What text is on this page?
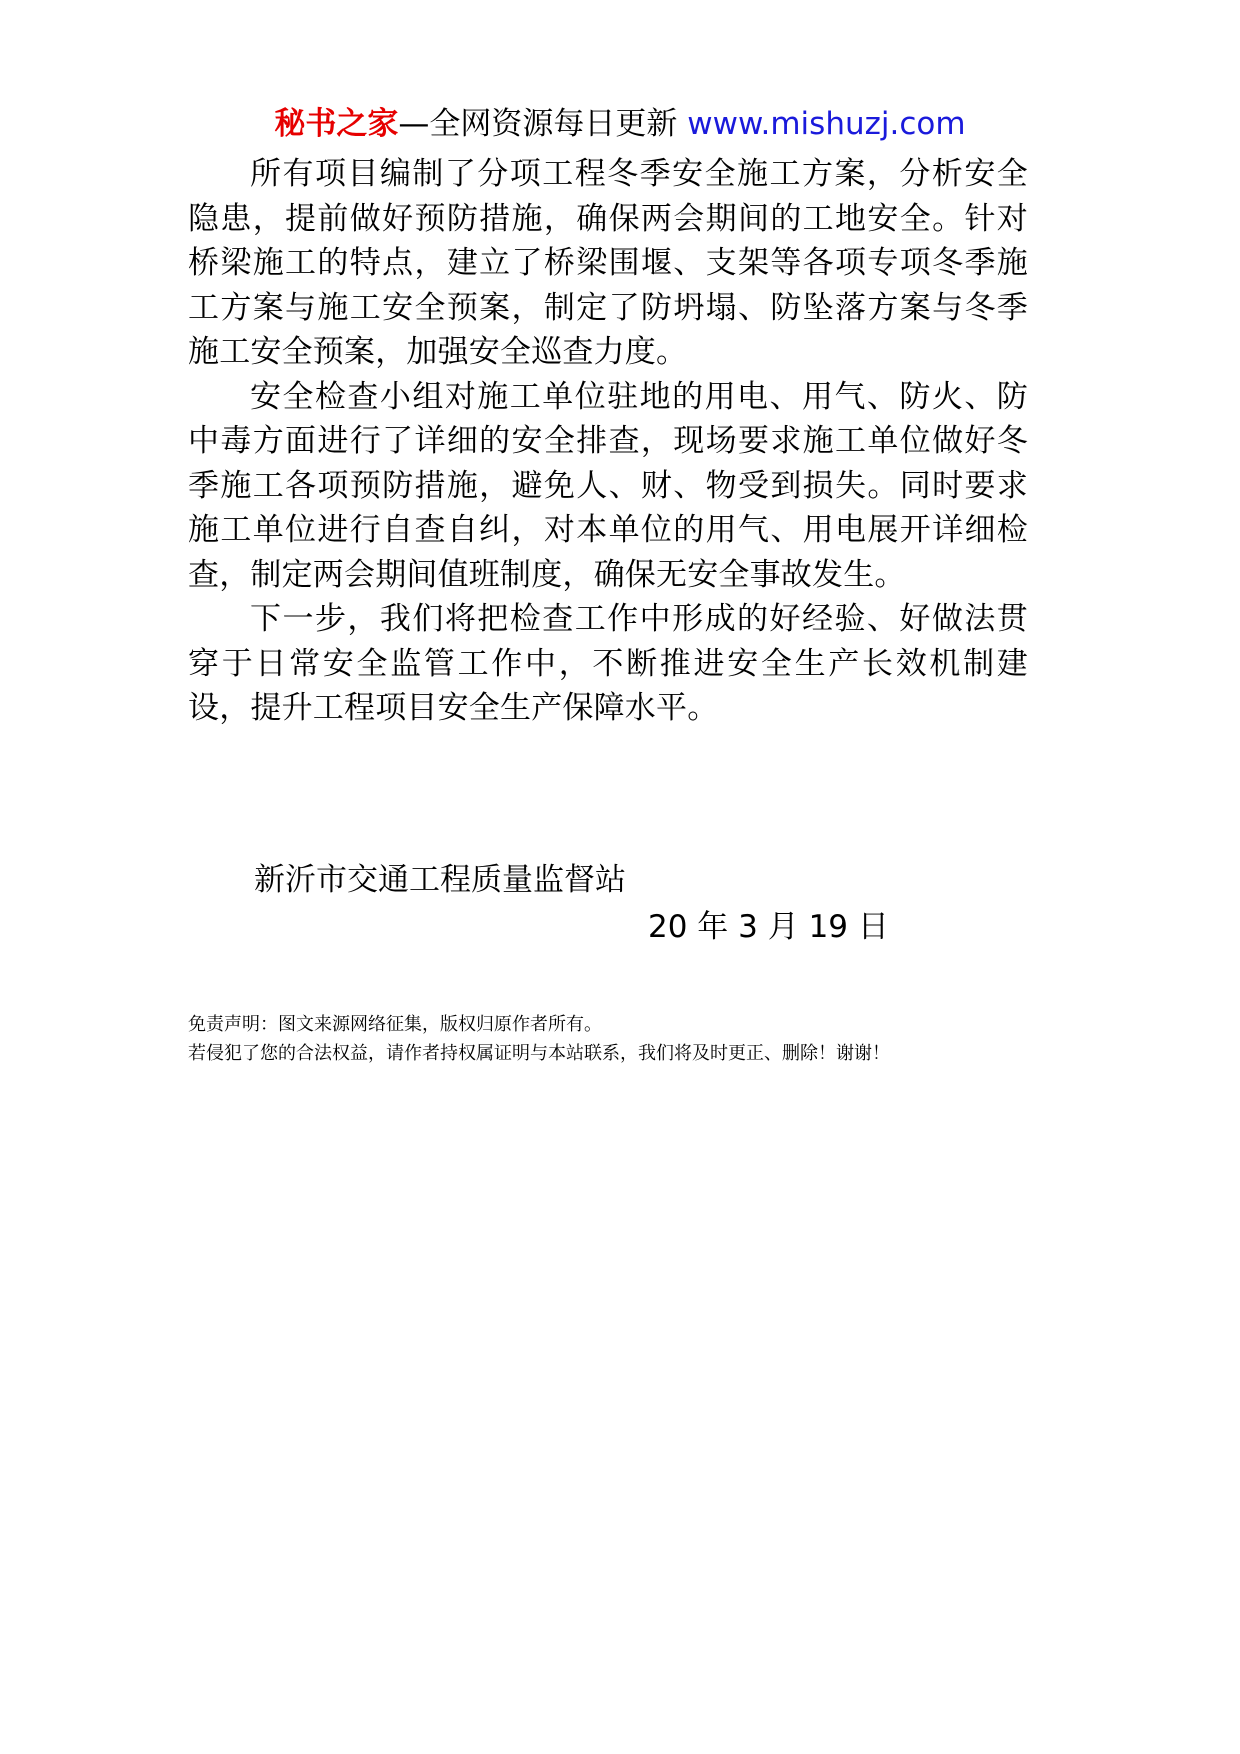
秘书之家—全网资源每日更新 www.mishuzj.com

所有项目编制了分项工程冬季安全施工方案，分析安全隐患，提前做好预防措施，确保两会期间的工地安全。针对桥梁施工的特点，建立了桥梁围堰、支架等各项专项冬季施工方案与施工安全预案，制定了防坍塌、防坠落方案与冬季施工安全预案，加强安全巡查力度。

安全检查小组对施工单位驻地的用电、用气、防火、防中毒方面进行了详细的安全排查，现场要求施工单位做好冬季施工各项预防措施，避免人、财、物受到损失。同时要求施工单位进行自查自纠，对本单位的用气、用电展开详细检查，制定两会期间值班制度，确保无安全事故发生。

下一步，我们将把检查工作中形成的好经验、好做法贯穿于日常安全监管工作中，不断推进安全生产长效机制建设，提升工程项目安全生产保障水平。

新沂市交通工程质量监督站
20 年 3 月 19 日
免责声明：图文来源网络征集，版权归原作者所有。
若侵犯了您的合法权益，请作者持权属证明与本站联系，我们将及时更正、删除！谢谢！
